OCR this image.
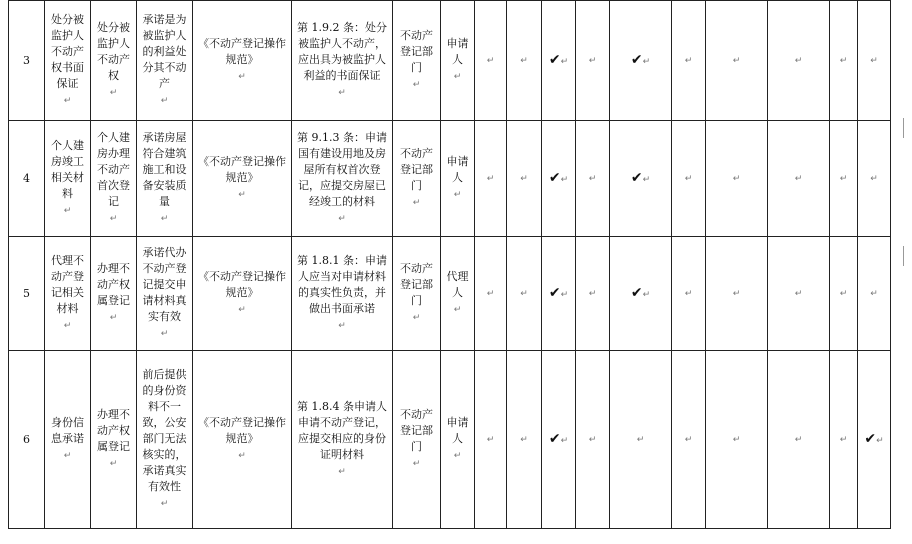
3	处分被监护人不动产权书面保证↵	处分被监护人不动产权↵	承诺是为被监护人的利益处分其不动产↵	《不动产登记操作规范》↵	第 1.9.2 条：处分被监护人不动产，应出具为被监护人利益的书面保证↵	不动产登记部门↵	申请人↵	↵	↵	✔↵	↵	✔↵	↵	↵	↵	↵	↵
4	个人建房竣工相关材料↵	个人建房办理不动产首次登记↵	承诺房屋符合建筑施工和设备安装质量↵	《不动产登记操作规范》↵	第 9.1.3 条：申请国有建设用地及房屋所有权首次登记，应提交房屋已经竣工的材料↵	不动产登记部门↵	申请人↵	↵	↵	✔↵	↵	✔↵	↵	↵	↵	↵	↵
5	代理不动产登记相关材料↵	办理不动产权属登记↵	承诺代办不动产登记提交申请材料真实有效↵	《不动产登记操作规范》↵	第 1.8.1 条：申请人应当对申请材料的真实性负责，并做出书面承诺↵	不动产登记部门↵	代理人↵	↵	↵	✔↵	↵	✔↵	↵	↵	↵	↵	↵
6	身份信息承诺↵	办理不动产权属登记↵	前后提供的身份资料不一致，公安部门无法核实的，承诺真实有效性↵	《不动产登记操作规范》↵	第 1.8.4 条申请人申请不动产登记，应提交相应的身份证明材料↵	不动产登记部门↵	申请人↵	↵	↵	✔↵	↵	↵	↵	↵	↵	↵	✔↵
